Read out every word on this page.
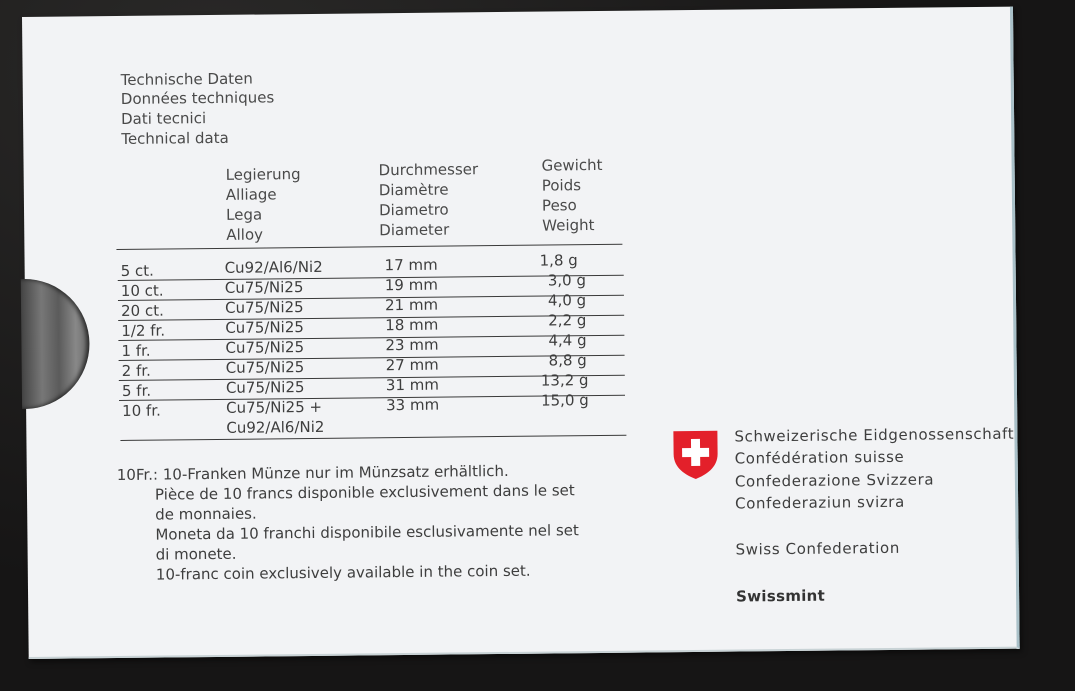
Technische Daten
Données techniques
Dati tecnici
Technical data
Legierung
Alliage
Lega
Alloy
Durchmesser
Diamètre
Diametro
Diameter
Gewicht
Poids
Peso
Weight
5 ct.	Cu92/Al6/Ni2	17 mm	1,8 g
10 ct.	Cu75/Ni25	19 mm	3,0 g
20 ct.	Cu75/Ni25	21 mm	4,0 g
1/2 fr.	Cu75/Ni25	18 mm	2,2 g
1 fr.	Cu75/Ni25	23 mm	4,4 g
2 fr.	Cu75/Ni25	27 mm	8,8 g
5 fr.	Cu75/Ni25	31 mm	13,2 g
10 fr.	Cu75/Ni25 +	33 mm	15,0 g
Cu92/Al6/Ni2
10Fr.: 10-Franken Münze nur im Münzsatz erhältlich.
Pièce de 10 francs disponible exclusivement dans le set
de monnaies.
Moneta da 10 franchi disponibile esclusivamente nel set
di monete.
10-franc coin exclusively available in the coin set.
Schweizerische Eidgenossenschaft
Confédération suisse
Confederazione Svizzera
Confederaziun svizra
Swiss Confederation
Swissmint
